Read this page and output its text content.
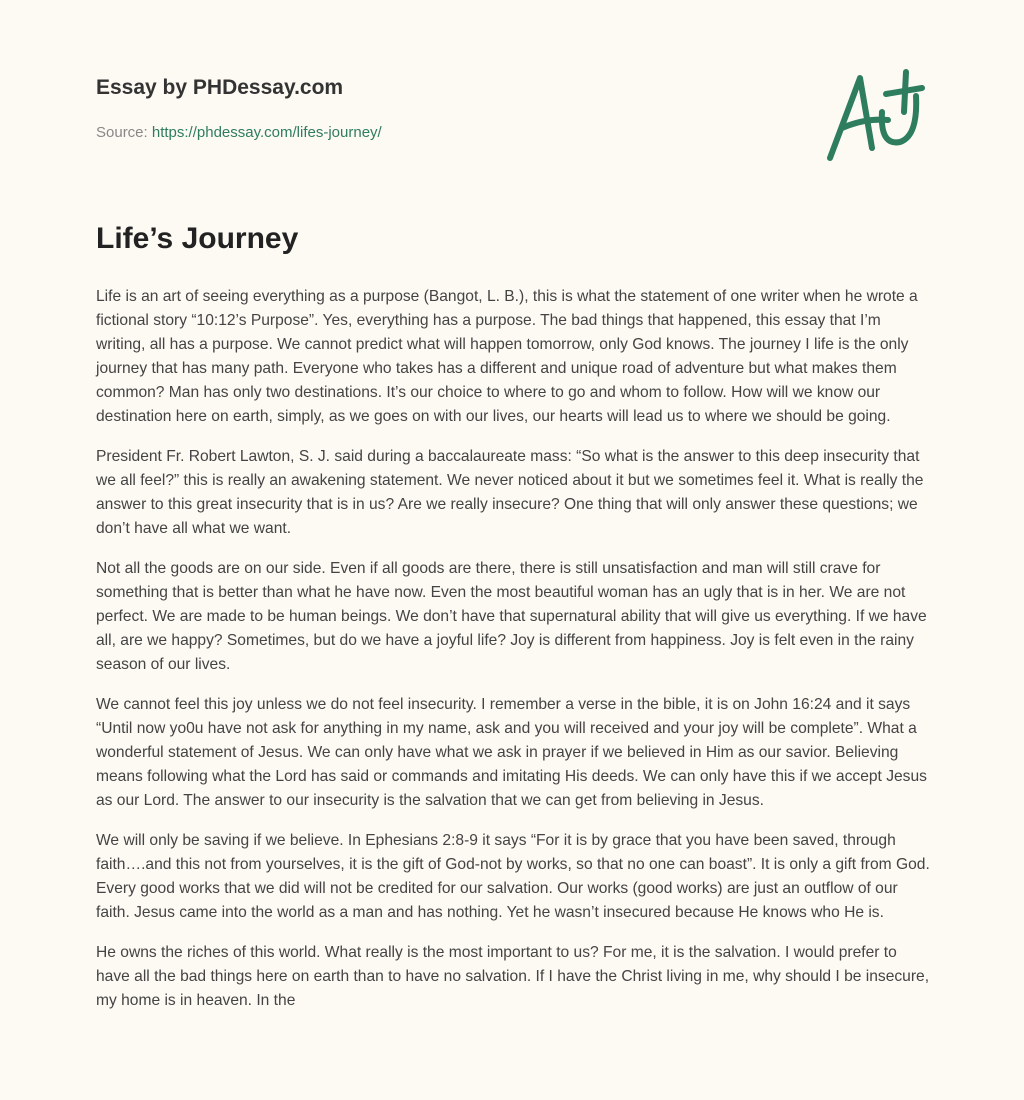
Essay by PHDessay.com
Source: https://phdessay.com/lifes-journey/
Life’s Journey

Life is an art of seeing everything as a purpose (Bangot, L. B.), this is what the statement of one writer when he wrote a fictional story “10:12’s Purpose”. Yes, everything has a purpose. The bad things that happened, this essay that I’m writing, all has a purpose. We cannot predict what will happen tomorrow, only God knows. The journey I life is the only journey that has many path. Everyone who takes has a different and unique road of adventure but what makes them common? Man has only two destinations. It’s our choice to where to go and whom to follow. How will we know our destination here on earth, simply, as we goes on with our lives, our hearts will lead us to where we should be going.

President Fr. Robert Lawton, S. J. said during a baccalaureate mass: “So what is the answer to this deep insecurity that we all feel?” this is really an awakening statement. We never noticed about it but we sometimes feel it. What is really the answer to this great insecurity that is in us? Are we really insecure? One thing that will only answer these questions; we don’t have all what we want.

Not all the goods are on our side. Even if all goods are there, there is still unsatisfaction and man will still crave for something that is better than what he have now. Even the most beautiful woman has an ugly that is in her. We are not perfect. We are made to be human beings. We don’t have that supernatural ability that will give us everything. If we have all, are we happy? Sometimes, but do we have a joyful life? Joy is different from happiness. Joy is felt even in the rainy season of our lives.

We cannot feel this joy unless we do not feel insecurity. I remember a verse in the bible, it is on John 16:24 and it says “Until now yo0u have not ask for anything in my name, ask and you will received and your joy will be complete”. What a wonderful statement of Jesus. We can only have what we ask in prayer if we believed in Him as our savior. Believing means following what the Lord has said or commands and imitating His deeds. We can only have this if we accept Jesus as our Lord. The answer to our insecurity is the salvation that we can get from believing in Jesus.

We will only be saving if we believe. In Ephesians 2:8-9 it says “For it is by grace that you have been saved, through faith….and this not from yourselves, it is the gift of God-not by works, so that no one can boast”. It is only a gift from God. Every good works that we did will not be credited for our salvation. Our works (good works) are just an outflow of our faith. Jesus came into the world as a man and has nothing. Yet he wasn’t insecured because He knows who He is.

He owns the riches of this world. What really is the most important to us? For me, it is the salvation. I would prefer to have all the bad things here on earth than to have no salvation. If I have the Christ living in me, why should I be insecure, my home is in heaven. In the
